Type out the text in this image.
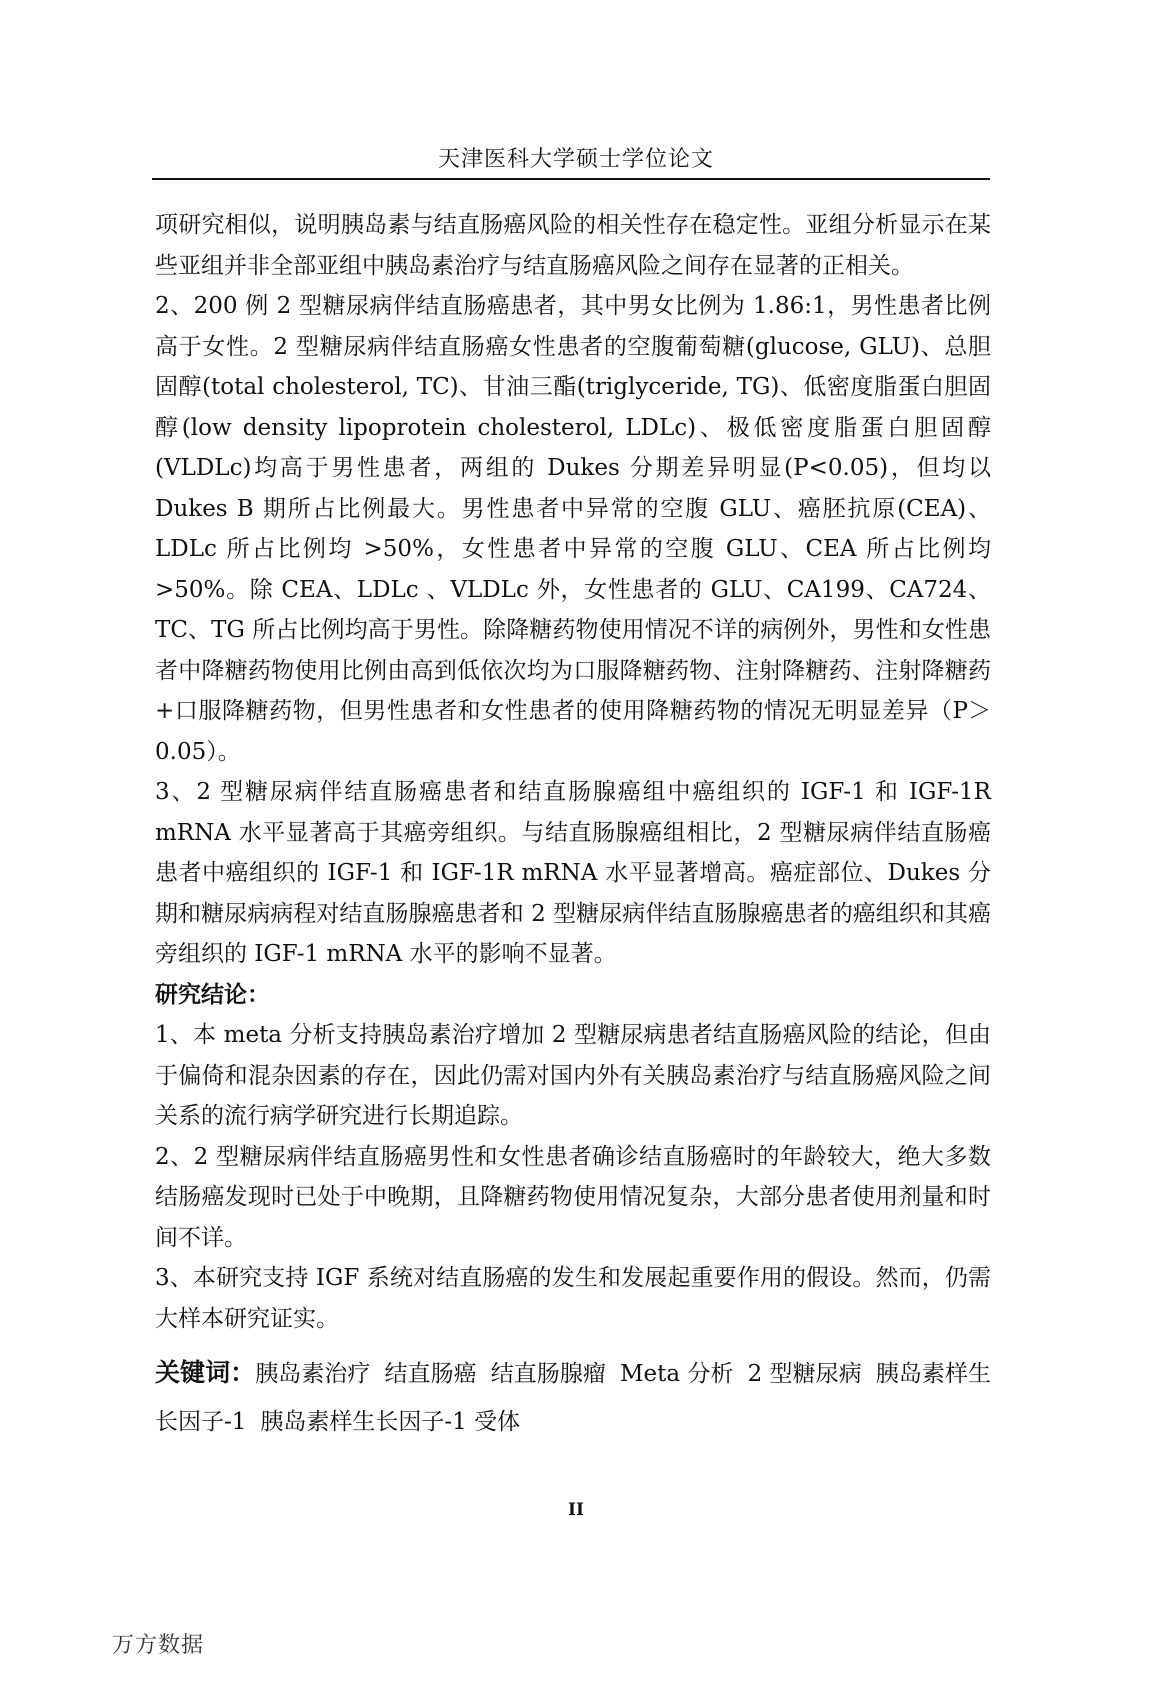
天津医科大学硕士学位论文

项研究相似，说明胰岛素与结直肠癌风险的相关性存在稳定性。亚组分析显示在某些亚组并非全部亚组中胰岛素治疗与结直肠癌风险之间存在显著的正相关。

2、200 例 2 型糖尿病伴结直肠癌患者，其中男女比例为 1.86:1，男性患者比例高于女性。2 型糖尿病伴结直肠癌女性患者的空腹葡萄糖(glucose, GLU)、总胆固醇(total cholesterol, TC)、甘油三酯(triglyceride, TG)、低密度脂蛋白胆固醇(low density lipoprotein cholesterol, LDLc)、极低密度脂蛋白胆固醇(VLDLc)均高于男性患者，两组的 Dukes 分期差异明显(P<0.05)，但均以 Dukes B 期所占比例最大。男性患者中异常的空腹 GLU、癌胚抗原(CEA)、LDLc 所占比例均 >50%，女性患者中异常的空腹 GLU、CEA 所占比例均>50%。除 CEA、LDLc 、VLDLc 外，女性患者的 GLU、CA199、CA724、TC、TG 所占比例均高于男性。除降糖药物使用情况不详的病例外，男性和女性患者中降糖药物使用比例由高到低依次均为口服降糖药物、注射降糖药、注射降糖药+口服降糖药物，但男性患者和女性患者的使用降糖药物的情况无明显差异（P＞0.05）。

3、2 型糖尿病伴结直肠癌患者和结直肠腺癌组中癌组织的 IGF-1 和 IGF-1R mRNA 水平显著高于其癌旁组织。与结直肠腺癌组相比，2 型糖尿病伴结直肠癌患者中癌组织的 IGF-1 和 IGF-1R mRNA 水平显著增高。癌症部位、Dukes 分期和糖尿病病程对结直肠腺癌患者和 2 型糖尿病伴结直肠腺癌患者的癌组织和其癌旁组织的 IGF-1 mRNA 水平的影响不显著。

研究结论：

1、本 meta 分析支持胰岛素治疗增加 2 型糖尿病患者结直肠癌风险的结论，但由于偏倚和混杂因素的存在，因此仍需对国内外有关胰岛素治疗与结直肠癌风险之间关系的流行病学研究进行长期追踪。

2、2 型糖尿病伴结直肠癌男性和女性患者确诊结直肠癌时的年龄较大，绝大多数结肠癌发现时已处于中晚期，且降糖药物使用情况复杂，大部分患者使用剂量和时间不详。

3、本研究支持 IGF 系统对结直肠癌的发生和发展起重要作用的假设。然而，仍需大样本研究证实。

关键词：胰岛素治疗 结直肠癌 结直肠腺瘤 Meta 分析 2 型糖尿病 胰岛素样生长因子-1 胰岛素样生长因子-1 受体

II
万方数据
